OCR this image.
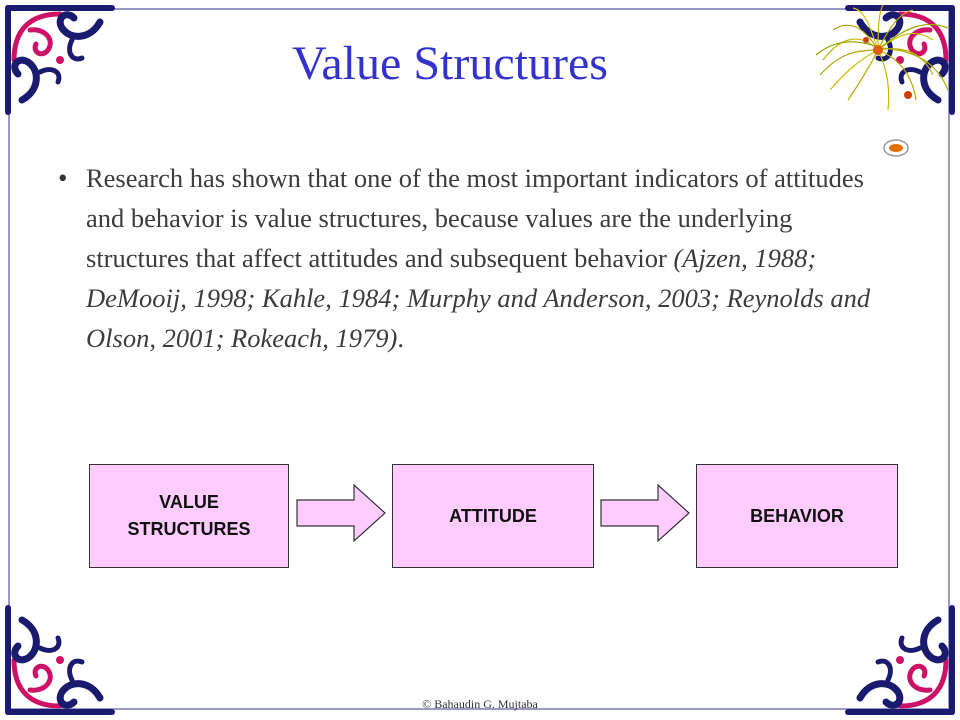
Value Structures
• Research has shown that one of the most important indicators of attitudes and behavior is value structures, because values are the underlying structures that affect attitudes and subsequent behavior (Ajzen, 1988; DeMooij, 1998; Kahle, 1984; Murphy and Anderson, 2003; Reynolds and Olson, 2001; Rokeach, 1979).
VALUE
STRUCTURES
ATTITUDE	BEHAVIOR
© Bahaudin G. Mujtaba
